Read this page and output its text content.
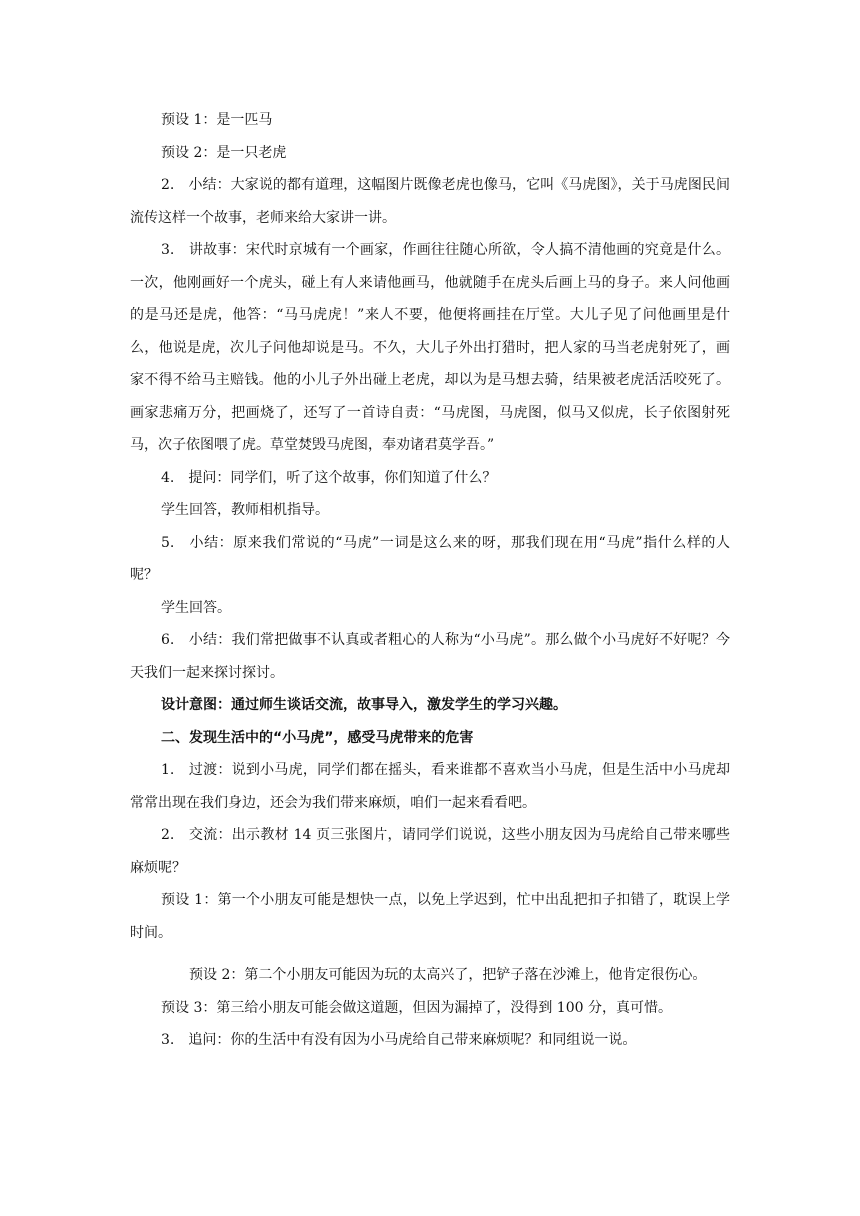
预设 1：是一匹马

预设 2：是一只老虎

2.　小结：大家说的都有道理，这幅图片既像老虎也像马，它叫《马虎图》，关于马虎图民间流传这样一个故事，老师来给大家讲一讲。

3.　讲故事：宋代时京城有一个画家，作画往往随心所欲，令人搞不清他画的究竟是什么。一次，他刚画好一个虎头，碰上有人来请他画马，他就随手在虎头后画上马的身子。来人问他画的是马还是虎，他答：“马马虎虎！”来人不要，他便将画挂在厅堂。大儿子见了问他画里是什么，他说是虎，次儿子问他却说是马。不久，大儿子外出打猎时，把人家的马当老虎射死了，画家不得不给马主赔钱。他的小儿子外出碰上老虎，却以为是马想去骑，结果被老虎活活咬死了。画家悲痛万分，把画烧了，还写了一首诗自责：“马虎图，马虎图，似马又似虎，长子依图射死马，次子依图喂了虎。草堂焚毁马虎图，奉劝诸君莫学吾。”

4.　提问：同学们，听了这个故事，你们知道了什么？

学生回答，教师相机指导。

5.　小结：原来我们常说的“马虎”一词是这么来的呀，那我们现在用“马虎”指什么样的人呢？

学生回答。

6.　小结：我们常把做事不认真或者粗心的人称为“小马虎”。那么做个小马虎好不好呢？今天我们一起来探讨探讨。

设计意图：通过师生谈话交流，故事导入，激发学生的学习兴趣。

二、发现生活中的“小马虎”，感受马虎带来的危害

1.　过渡：说到小马虎，同学们都在摇头，看来谁都不喜欢当小马虎，但是生活中小马虎却常常出现在我们身边，还会为我们带来麻烦，咱们一起来看看吧。

2.　交流：出示教材 14 页三张图片，请同学们说说，这些小朋友因为马虎给自己带来哪些麻烦呢？

预设 1：第一个小朋友可能是想快一点，以免上学迟到，忙中出乱把扣子扣错了，耽误上学时间。

预设 2：第二个小朋友可能因为玩的太高兴了，把铲子落在沙滩上，他肯定很伤心。

预设 3：第三给小朋友可能会做这道题，但因为漏掉了，没得到 100 分，真可惜。

3.　追问：你的生活中有没有因为小马虎给自己带来麻烦呢？和同组说一说。
